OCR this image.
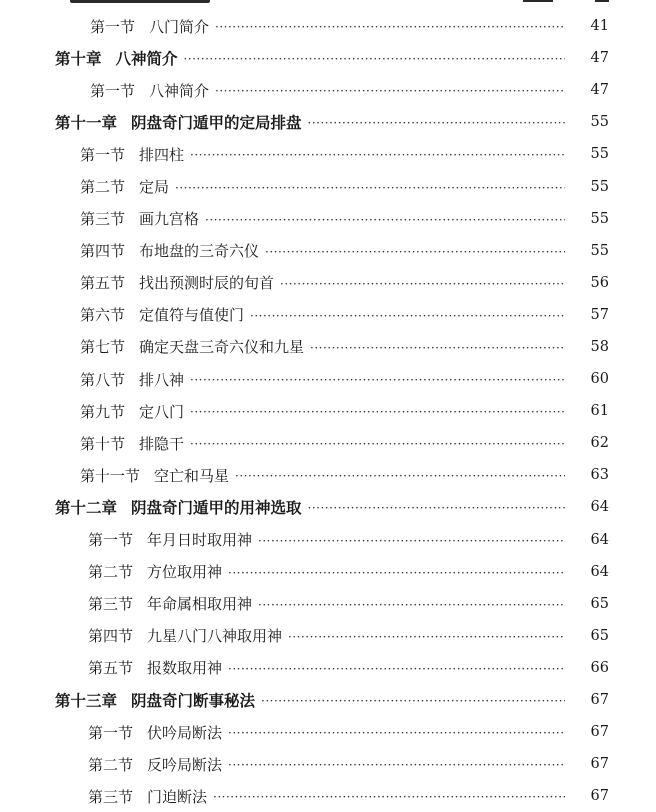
第一节 八门简介 ·····	41
第十章 八神简介 ·····	47
第一节 八神简介 ·····	47
第十一章 阴盘奇门遁甲的定局排盘 ·····	55
第一节 排四柱 ·····	55
第二节 定局 ·····	55
第三节 画九宫格 ·····	55
第四节 布地盘的三奇六仪 ·····	55
第五节 找出预测时辰的旬首 ·····	56
第六节 定值符与值使门 ·····	57
第七节 确定天盘三奇六仪和九星 ·····	58
第八节 排八神 ·····	60
第九节 定八门 ·····	61
第十节 排隐干 ·····	62
第十一节 空亡和马星 ·····	63
第十二章 阴盘奇门遁甲的用神选取 ·····	64
第一节 年月日时取用神 ·····	64
第二节 方位取用神 ·····	64
第三节 年命属相取用神 ·····	65
第四节 九星八门八神取用神 ·····	65
第五节 报数取用神 ·····	66
第十三章 阴盘奇门断事秘法 ·····	67
第一节 伏吟局断法 ·····	67
第二节 反吟局断法 ·····	67
第三节 门迫断法 ·····	67
